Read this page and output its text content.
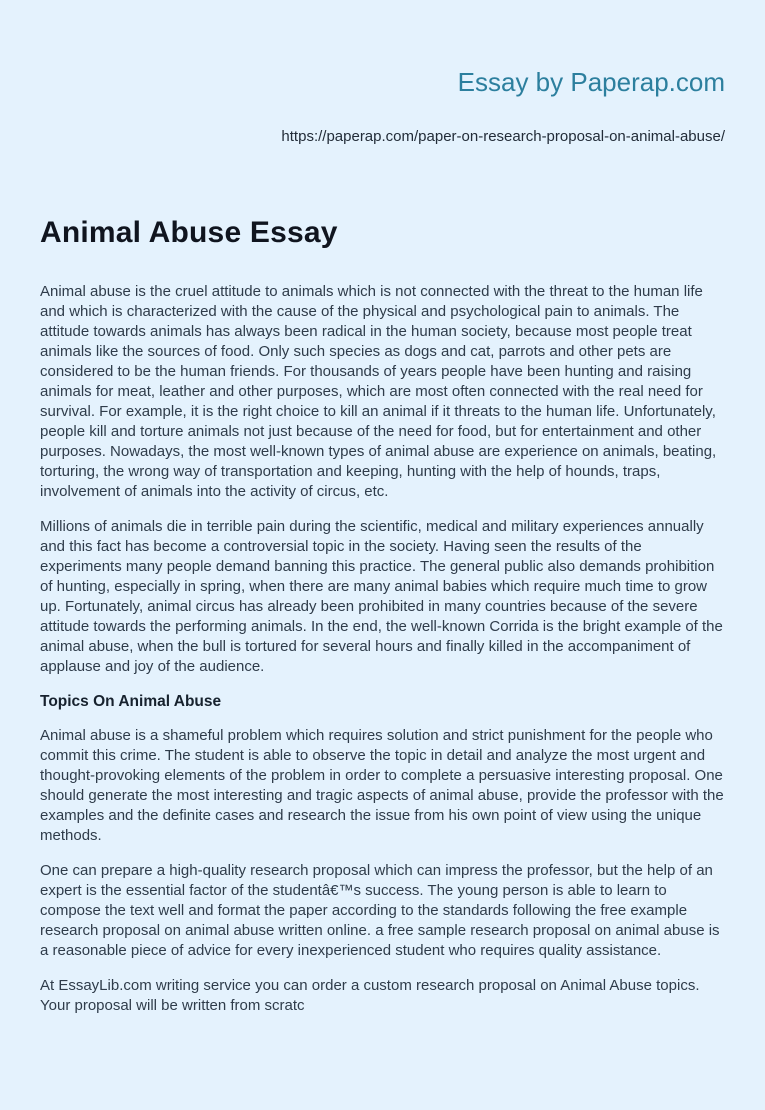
Essay by Paperap.com
https://paperap.com/paper-on-research-proposal-on-animal-abuse/
Animal Abuse Essay

Animal abuse is the cruel attitude to animals which is not connected with the threat to the human life and which is characterized with the cause of the physical and psychological pain to animals. The attitude towards animals has always been radical in the human society, because most people treat animals like the sources of food. Only such species as dogs and cat, parrots and other pets are considered to be the human friends. For thousands of years people have been hunting and raising animals for meat, leather and other purposes, which are most often connected with the real need for survival. For example, it is the right choice to kill an animal if it threats to the human life. Unfortunately, people kill and torture animals not just because of the need for food, but for entertainment and other purposes. Nowadays, the most well-known types of animal abuse are experience on animals, beating, torturing, the wrong way of transportation and keeping, hunting with the help of hounds, traps, involvement of animals into the activity of circus, etc.

Millions of animals die in terrible pain during the scientific, medical and military experiences annually and this fact has become a controversial topic in the society. Having seen the results of the experiments many people demand banning this practice. The general public also demands prohibition of hunting, especially in spring, when there are many animal babies which require much time to grow up. Fortunately, animal circus has already been prohibited in many countries because of the severe attitude towards the performing animals. In the end, the well-known Corrida is the bright example of the animal abuse, when the bull is tortured for several hours and finally killed in the accompaniment of applause and joy of the audience.

Topics On Animal Abuse

Animal abuse is a shameful problem which requires solution and strict punishment for the people who commit this crime. The student is able to observe the topic in detail and analyze the most urgent and thought-provoking elements of the problem in order to complete a persuasive interesting proposal. One should generate the most interesting and tragic aspects of animal abuse, provide the professor with the examples and the definite cases and research the issue from his own point of view using the unique methods.

One can prepare a high-quality research proposal which can impress the professor, but the help of an expert is the essential factor of the studentâ€™s success. The young person is able to learn to compose the text well and format the paper according to the standards following the free example research proposal on animal abuse written online. a free sample research proposal on animal abuse is a reasonable piece of advice for every inexperienced student who requires quality assistance.

At EssayLib.com writing service you can order a custom research proposal on Animal Abuse topics. Your proposal will be written from scratc
